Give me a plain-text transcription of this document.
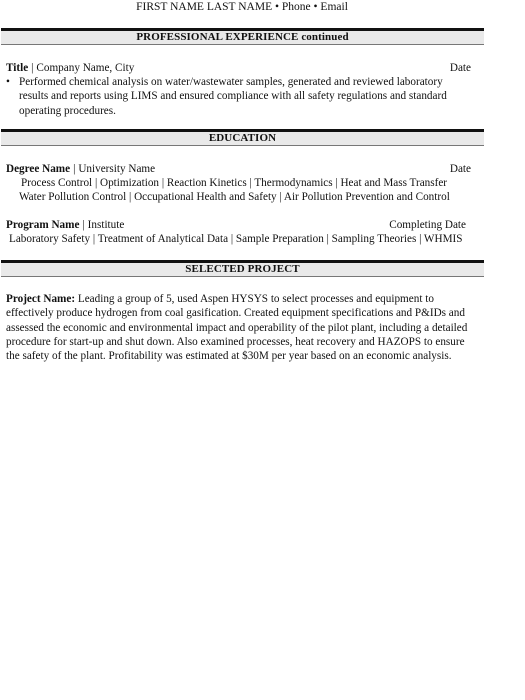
FIRST NAME LAST NAME • Phone • Email
PROFESSIONAL EXPERIENCE continued
Title | Company Name, City	Date
• Performed chemical analysis on water/wastewater samples, generated and reviewed laboratory results and reports using LIMS and ensured compliance with all safety regulations and standard operating procedures.
EDUCATION
Degree Name | University Name	Date
Process Control | Optimization | Reaction Kinetics | Thermodynamics | Heat and Mass Transfer
Water Pollution Control | Occupational Health and Safety | Air Pollution Prevention and Control
Program Name | Institute	Completing Date
Laboratory Safety | Treatment of Analytical Data | Sample Preparation | Sampling Theories | WHMIS
SELECTED PROJECT
Project Name: Leading a group of 5, used Aspen HYSYS to select processes and equipment to effectively produce hydrogen from coal gasification. Created equipment specifications and P&IDs and assessed the economic and environmental impact and operability of the pilot plant, including a detailed procedure for start-up and shut down. Also examined processes, heat recovery and HAZOPS to ensure the safety of the plant. Profitability was estimated at $30M per year based on an economic analysis.
